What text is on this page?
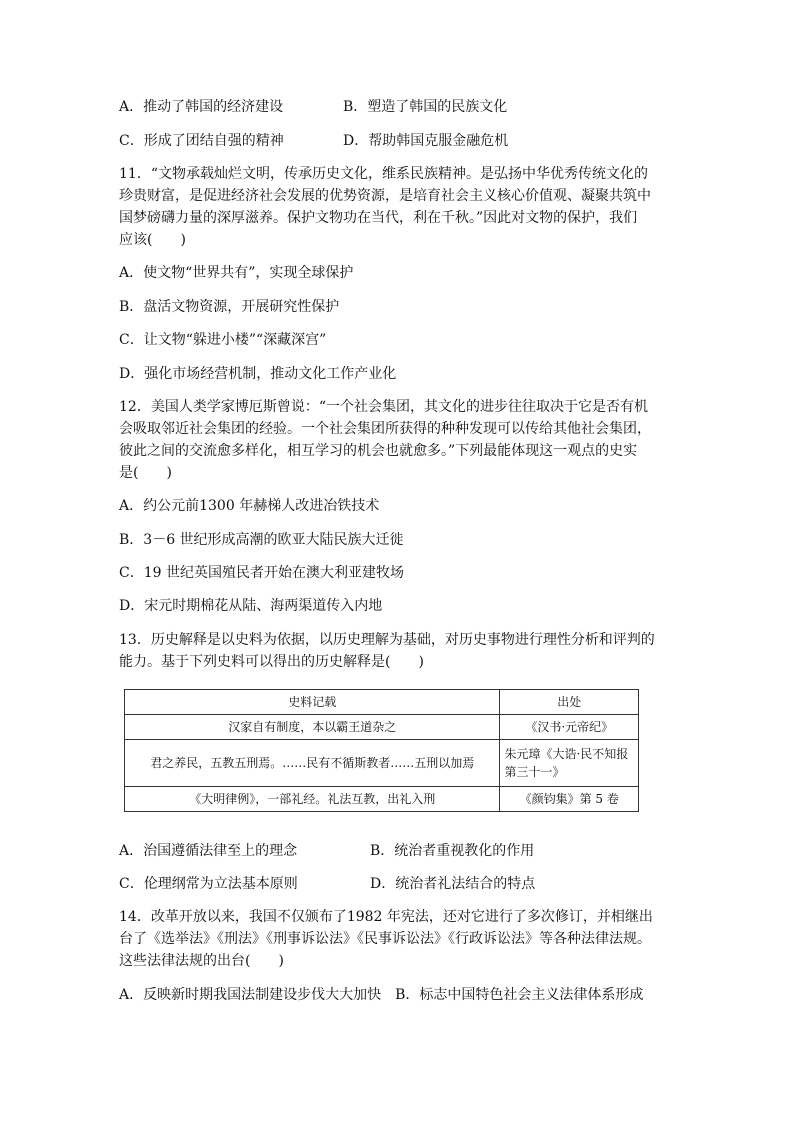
A．推动了韩国的经济建设	B．塑造了韩国的民族文化
C．形成了团结自强的精神	D．帮助韩国克服金融危机
11．“文物承载灿烂文明，传承历史文化，维系民族精神。是弘扬中华优秀传统文化的
珍贵财富，是促进经济社会发展的优势资源，是培育社会主义核心价值观、凝聚共筑中
国梦磅礴力量的深厚滋养。保护文物功在当代，利在千秋。”因此对文物的保护，我们
应该(　　)
A．使文物“世界共有”，实现全球保护
B．盘活文物资源，开展研究性保护
C．让文物“躲进小楼”“深藏深宫”
D．强化市场经营机制，推动文化工作产业化
12．美国人类学家博厄斯曾说：“一个社会集团，其文化的进步往往取决于它是否有机
会吸取邻近社会集团的经验。一个社会集团所获得的种种发现可以传给其他社会集团，
彼此之间的交流愈多样化，相互学习的机会也就愈多。”下列最能体现这一观点的史实
是(　　)
A．约公元前1300 年赫梯人改进冶铁技术
B．3－6 世纪形成高潮的欧亚大陆民族大迁徙
C．19 世纪英国殖民者开始在澳大利亚建牧场
D．宋元时期棉花从陆、海两渠道传入内地
13．历史解释是以史料为依据，以历史理解为基础，对历史事物进行理性分析和评判的
能力。基于下列史料可以得出的历史解释是(　　)
史料记载	出处
汉家自有制度，本以霸王道杂之	《汉书·元帝纪》
君之养民，五教五刑焉。……民有不循斯教者……五刑以加焉	朱元璋《大诰·民不知报第三十一》
《大明律例》，一部礼经。礼法互教，出礼入刑	《颜钧集》第 5 卷
A．治国遵循法律至上的理念	B．统治者重视教化的作用
C．伦理纲常为立法基本原则	D．统治者礼法结合的特点
14．改革开放以来，我国不仅颁布了1982 年宪法，还对它进行了多次修订，并相继出
台了《选举法》《刑法》《刑事诉讼法》《民事诉讼法》《行政诉讼法》等各种法律法规。
这些法律法规的出台(　　)
A．反映新时期我国法制建设步伐大大加快　B．标志中国特色社会主义法律体系形成
